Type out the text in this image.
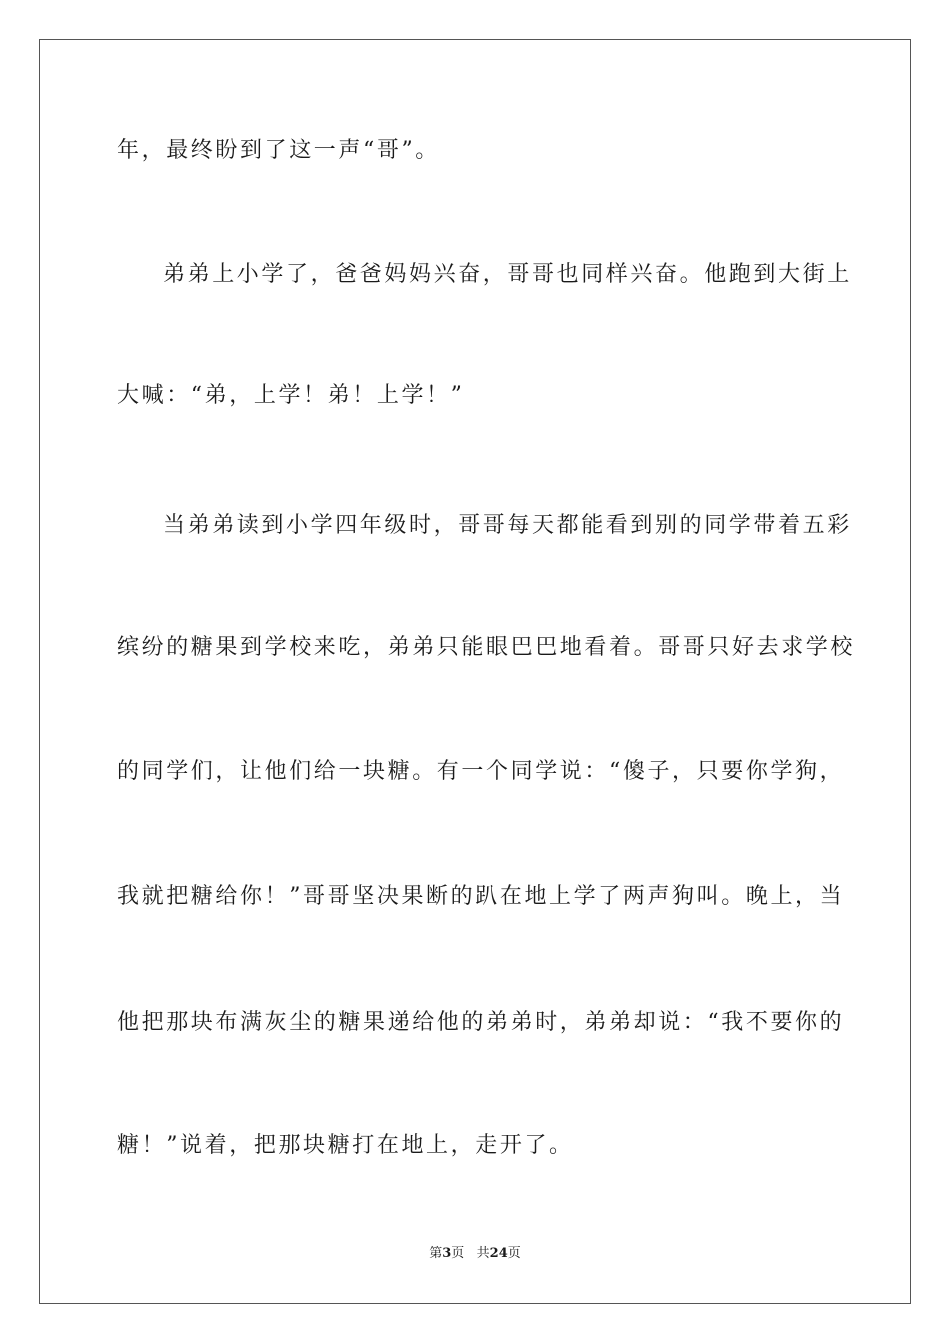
年，最终盼到了这一声“哥”。
弟弟上小学了，爸爸妈妈兴奋，哥哥也同样兴奋。他跑到大街上
大喊：“弟，上学！弟！上学！”
当弟弟读到小学四年级时，哥哥每天都能看到别的同学带着五彩
缤纷的糖果到学校来吃，弟弟只能眼巴巴地看着。哥哥只好去求学校
的同学们，让他们给一块糖。有一个同学说：“傻子，只要你学狗，
我就把糖给你！”哥哥坚决果断的趴在地上学了两声狗叫。晚上，当
他把那块布满灰尘的糖果递给他的弟弟时，弟弟却说：“我不要你的
糖！”说着，把那块糖打在地上，走开了。
第3页   共24页
